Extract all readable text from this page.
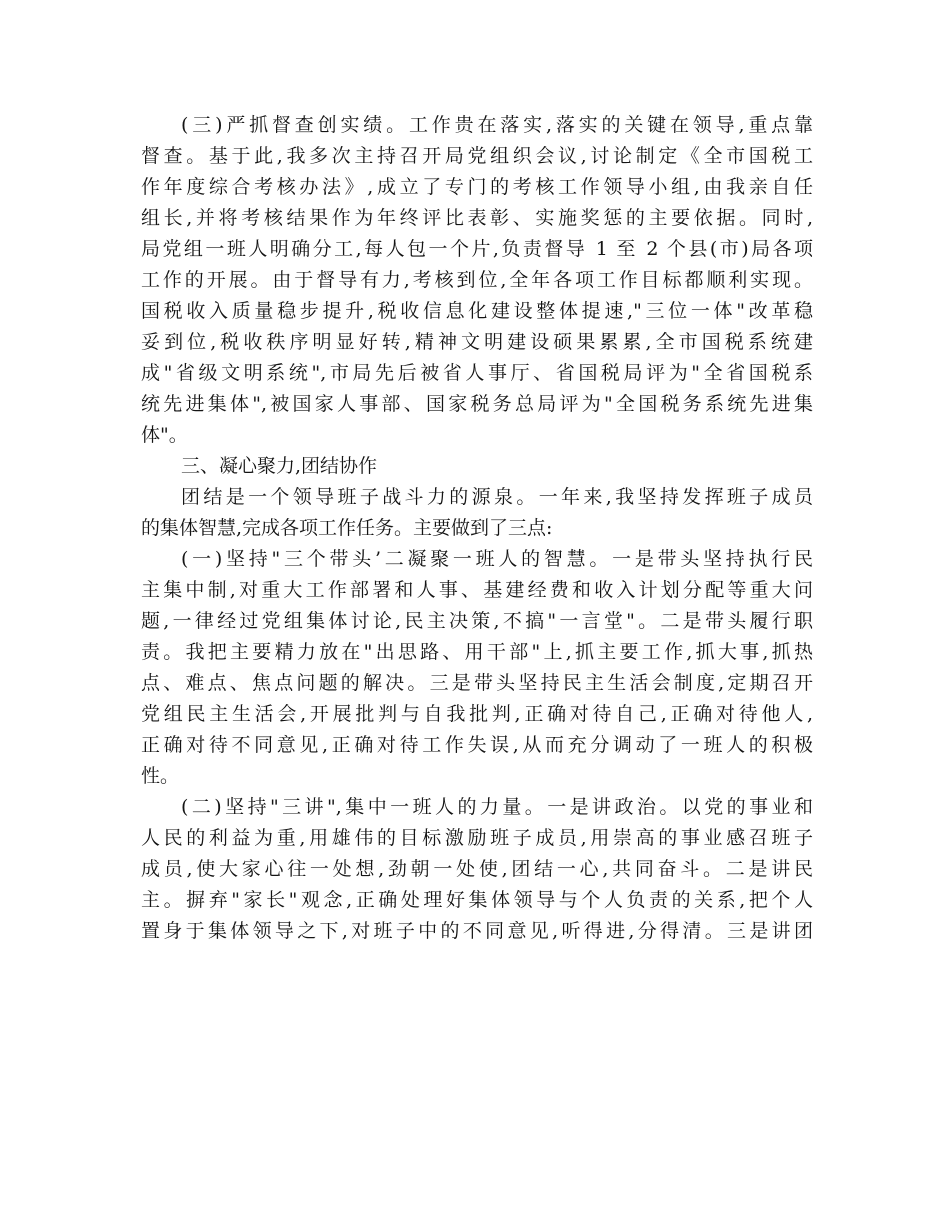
(三)严抓督查创实绩。工作贵在落实,落实的关键在领导,重点靠
督查。基于此,我多次主持召开局党组织会议,讨论制定《全市国税工
作年度综合考核办法》,成立了专门的考核工作领导小组,由我亲自任
组长,并将考核结果作为年终评比表彰、实施奖惩的主要依据。同时,
局党组一班人明确分工,每人包一个片,负责督导 1 至 2 个县(市)局各项
工作的开展。由于督导有力,考核到位,全年各项工作目标都顺利实现。
国税收入质量稳步提升,税收信息化建设整体提速,"三位一体"改革稳
妥到位,税收秩序明显好转,精神文明建设硕果累累,全市国税系统建
成"省级文明系统",市局先后被省人事厅、省国税局评为"全省国税系
统先进集体",被国家人事部、国家税务总局评为"全国税务系统先进集
体"。
三、凝心聚力,团结协作
团结是一个领导班子战斗力的源泉。一年来,我坚持发挥班子成员
的集体智慧,完成各项工作任务。主要做到了三点:
(一)坚持"三个带头’二凝聚一班人的智慧。一是带头坚持执行民
主集中制,对重大工作部署和人事、基建经费和收入计划分配等重大问
题,一律经过党组集体讨论,民主决策,不搞"一言堂"。二是带头履行职
责。我把主要精力放在"出思路、用干部"上,抓主要工作,抓大事,抓热
点、难点、焦点问题的解决。三是带头坚持民主生活会制度,定期召开
党组民主生活会,开展批判与自我批判,正确对待自己,正确对待他人,
正确对待不同意见,正确对待工作失误,从而充分调动了一班人的积极
性。
(二)坚持"三讲",集中一班人的力量。一是讲政治。以党的事业和
人民的利益为重,用雄伟的目标激励班子成员,用崇高的事业感召班子
成员,使大家心往一处想,劲朝一处使,团结一心,共同奋斗。二是讲民
主。摒弃"家长"观念,正确处理好集体领导与个人负责的关系,把个人
置身于集体领导之下,对班子中的不同意见,听得进,分得清。三是讲团
